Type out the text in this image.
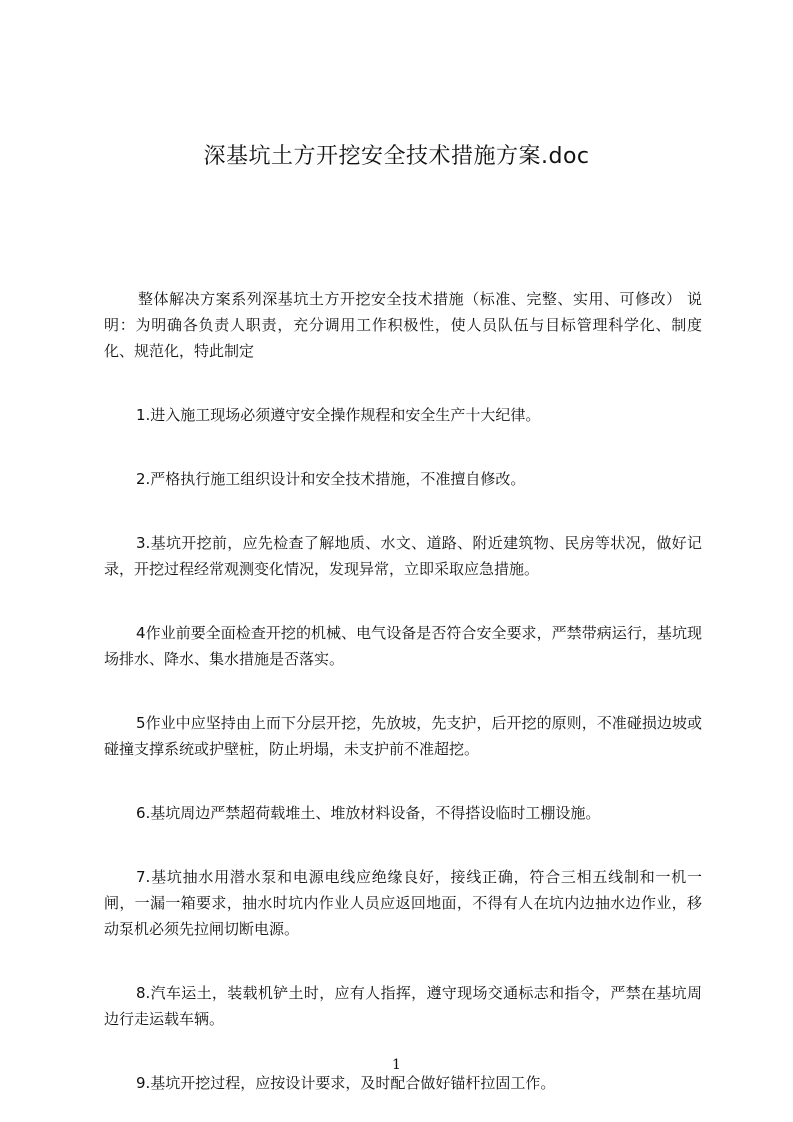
深基坑土方开挖安全技术措施方案.doc

整体解决方案系列深基坑土方开挖安全技术措施（标准、完整、实用、可修改） 说明：为明确各负责人职责，充分调用工作积极性，使人员队伍与目标管理科学化、制度化、规范化，特此制定

1.进入施工现场必须遵守安全操作规程和安全生产十大纪律。

2.严格执行施工组织设计和安全技术措施，不准擅自修改。

3.基坑开挖前，应先检查了解地质、水文、道路、附近建筑物、民房等状况，做好记录，开挖过程经常观测变化情况，发现异常，立即采取应急措施。

4作业前要全面检查开挖的机械、电气设备是否符合安全要求，严禁带病运行，基坑现场排水、降水、集水措施是否落实。

5作业中应坚持由上而下分层开挖，先放坡，先支护，后开挖的原则，不准碰损边坡或碰撞支撑系统或护壁桩，防止坍塌，未支护前不准超挖。

6.基坑周边严禁超荷载堆土、堆放材料设备，不得搭设临时工棚设施。

7.基坑抽水用潜水泵和电源电线应绝缘良好，接线正确，符合三相五线制和一机一闸，一漏一箱要求，抽水时坑内作业人员应返回地面，不得有人在坑内边抽水边作业，移动泵机必须先拉闸切断电源。

8.汽车运土，装载机铲土时，应有人指挥，遵守现场交通标志和指令，严禁在基坑周边行走运载车辆。

9.基坑开挖过程，应按设计要求，及时配合做好锚杆拉固工作。

1
